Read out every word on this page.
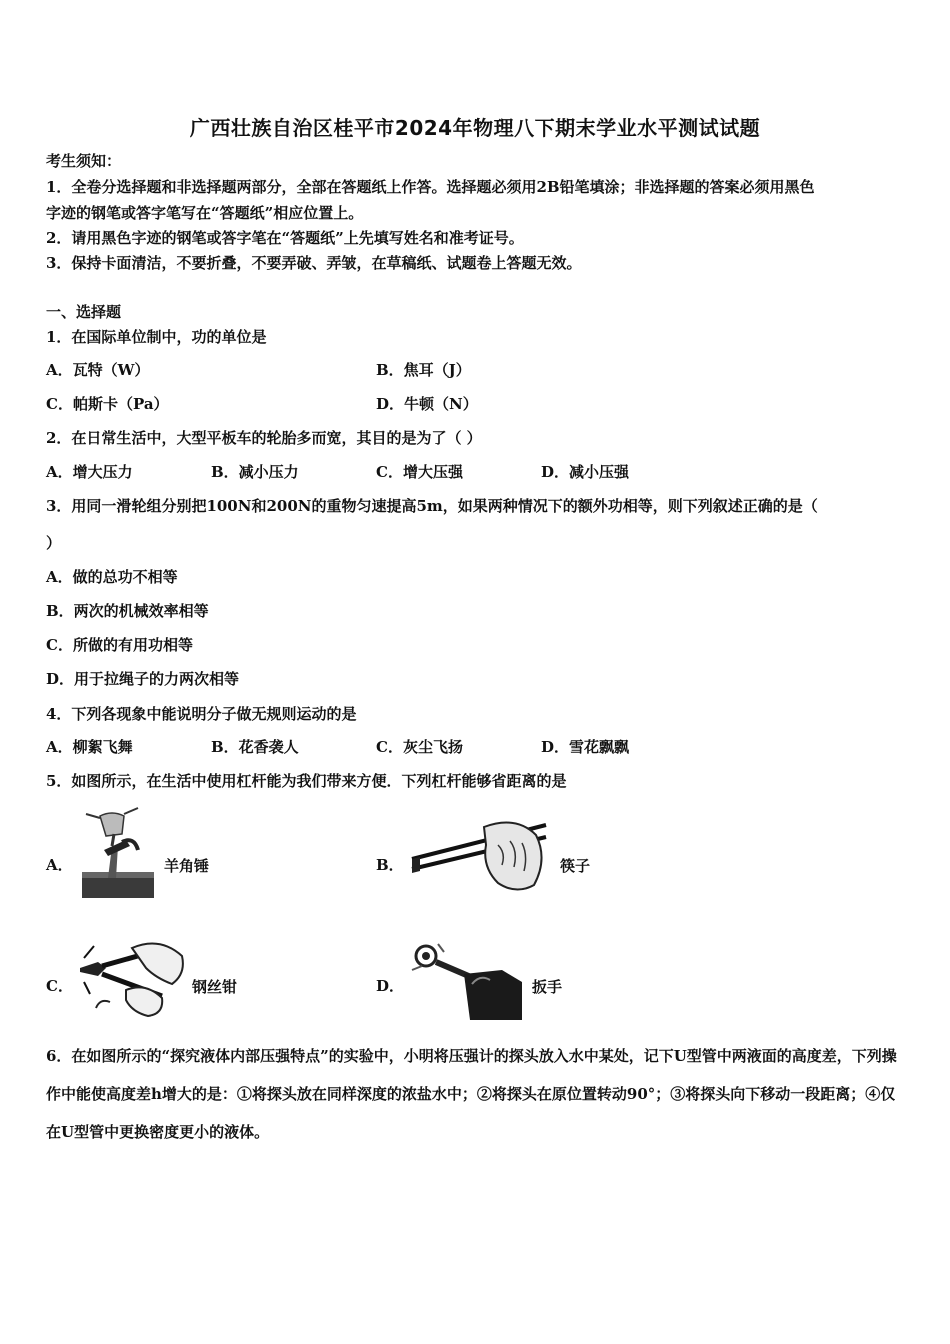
广西壮族自治区桂平市2024年物理八下期末学业水平测试试题
考生须知：
1．全卷分选择题和非选择题两部分，全部在答题纸上作答。选择题必须用2B铅笔填涂；非选择题的答案必须用黑色
字迹的钢笔或答字笔写在“答题纸”相应位置上。
2．请用黑色字迹的钢笔或答字笔在“答题纸”上先填写姓名和准考证号。
3．保持卡面清洁，不要折叠，不要弄破、弄皱，在草稿纸、试题卷上答题无效。
一、选择题
1．在国际单位制中，功的单位是
A．瓦特（W）	B．焦耳（J）
C．帕斯卡（Pa）	D．牛顿（N）
2．在日常生活中，大型平板车的轮胎多而宽，其目的是为了（ ）
A．增大压力	B．减小压力	C．增大压强	D．减小压强
3．用同一滑轮组分别把100N和200N的重物匀速提高5m，如果两种情况下的额外功相等，则下列叙述正确的是（
）
A．做的总功不相等
B．两次的机械效率相等
C．所做的有用功相等
D．用于拉绳子的力两次相等
4．下列各现象中能说明分子做无规则运动的是
A．柳絮飞舞	B．花香袭人	C．灰尘飞扬	D．雪花飘飘
5．如图所示，在生活中使用杠杆能为我们带来方便．下列杠杆能够省距离的是
A．	羊角锤	B．	筷子
C．	钢丝钳	D．	扳手
6．在如图所示的“探究液体内部压强特点”的实验中，小明将压强计的探头放入水中某处，记下U型管中两液面的高度差，下列操作中能使高度差h增大的是：①将探头放在同样深度的浓盐水中；②将探头在原位置转动90°；③将探头向下移动一段距离；④仅在U型管中更换密度更小的液体。
